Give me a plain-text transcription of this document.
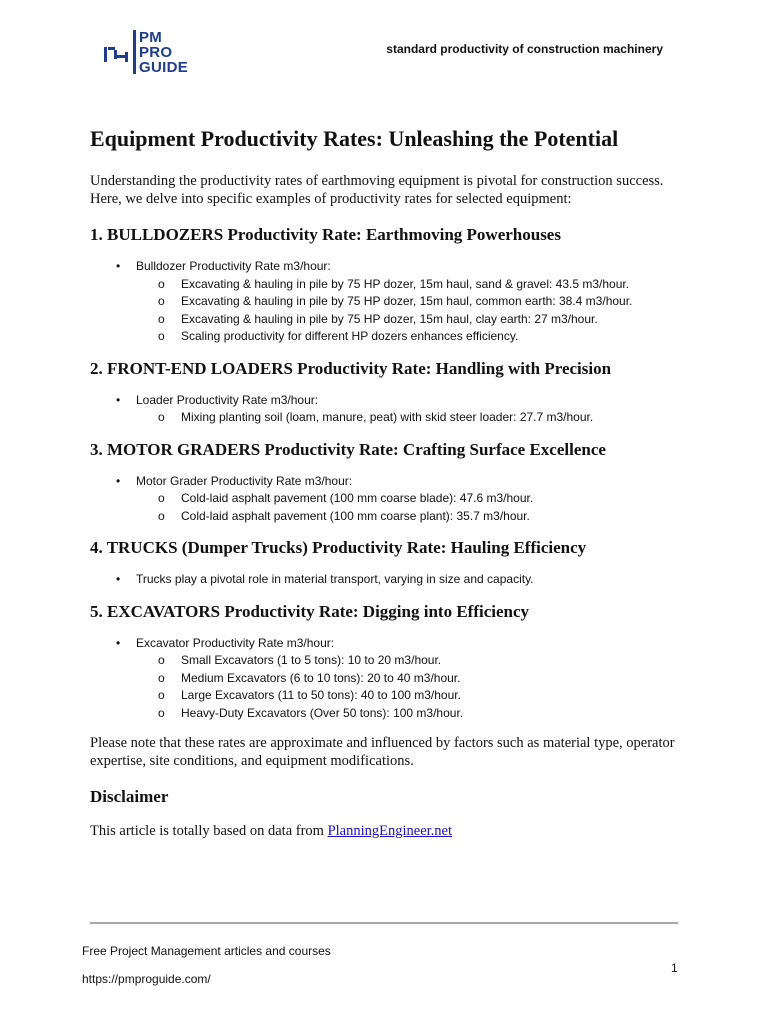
PM
PRO
GUIDE
standard productivity of construction machinery
Equipment Productivity Rates: Unleashing the Potential

Understanding the productivity rates of earthmoving equipment is pivotal for construction success. Here, we delve into specific examples of productivity rates for selected equipment:

1. BULLDOZERS Productivity Rate: Earthmoving Powerhouses
• Bulldozer Productivity Rate m3/hour:
o Excavating & hauling in pile by 75 HP dozer, 15m haul, sand & gravel: 43.5 m3/hour.
o Excavating & hauling in pile by 75 HP dozer, 15m haul, common earth: 38.4 m3/hour.
o Excavating & hauling in pile by 75 HP dozer, 15m haul, clay earth: 27 m3/hour.
o Scaling productivity for different HP dozers enhances efficiency.
2. FRONT-END LOADERS Productivity Rate: Handling with Precision
• Loader Productivity Rate m3/hour:
o Mixing planting soil (loam, manure, peat) with skid steer loader: 27.7 m3/hour.
3. MOTOR GRADERS Productivity Rate: Crafting Surface Excellence
• Motor Grader Productivity Rate m3/hour:
o Cold-laid asphalt pavement (100 mm coarse blade): 47.6 m3/hour.
o Cold-laid asphalt pavement (100 mm coarse plant): 35.7 m3/hour.
4. TRUCKS (Dumper Trucks) Productivity Rate: Hauling Efficiency
• Trucks play a pivotal role in material transport, varying in size and capacity.
5. EXCAVATORS Productivity Rate: Digging into Efficiency
• Excavator Productivity Rate m3/hour:
o Small Excavators (1 to 5 tons): 10 to 20 m3/hour.
o Medium Excavators (6 to 10 tons): 20 to 40 m3/hour.
o Large Excavators (11 to 50 tons): 40 to 100 m3/hour.
o Heavy-Duty Excavators (Over 50 tons): 100 m3/hour.

Please note that these rates are approximate and influenced by factors such as material type, operator expertise, site conditions, and equipment modifications.

Disclaimer

This article is totally based on data from PlanningEngineer.net

Free Project Management articles and courses
https://pmproguide.com/
1
